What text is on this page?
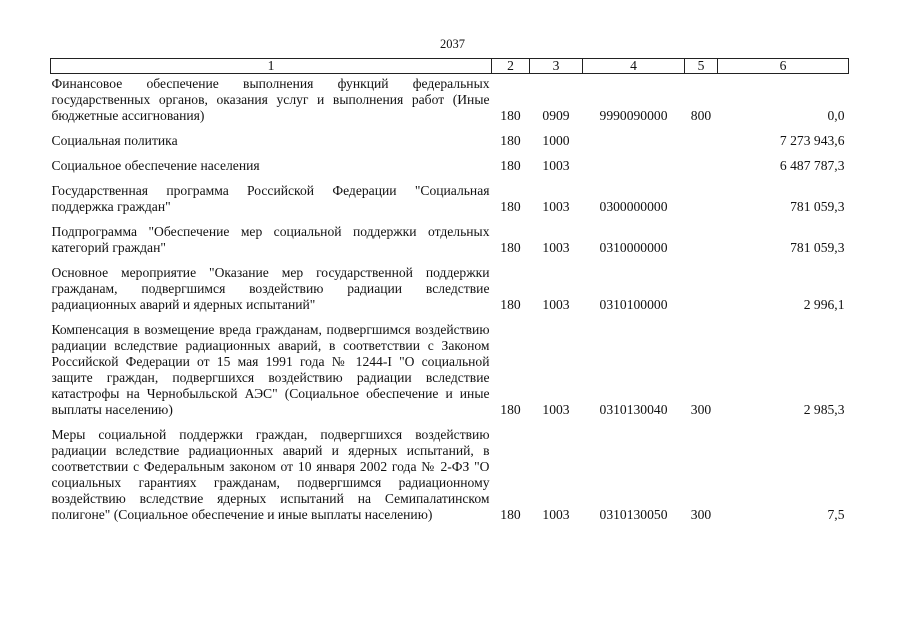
2037
1	2	3	4	5	6
Финансовое обеспечение выполнения функций федеральных государственных органов, оказания услуг и выполнения работ (Иные бюджетные ассигнования)	180	0909	9990090000	800	0,0
Социальная политика	180	1000			7 273 943,6
Социальное обеспечение населения	180	1003			6 487 787,3
Государственная программа Российской Федерации "Социальная поддержка граждан"	180	1003	0300000000		781 059,3
Подпрограмма "Обеспечение мер социальной поддержки отдельных категорий граждан"	180	1003	0310000000		781 059,3
Основное мероприятие "Оказание мер государственной поддержки гражданам, подвергшимся воздействию радиации вследствие радиационных аварий и ядерных испытаний"	180	1003	0310100000		2 996,1
Компенсация в возмещение вреда гражданам, подвергшимся воздействию радиации вследствие радиационных аварий, в соответствии с Законом Российской Федерации от 15 мая 1991 года № 1244-I "О социальной защите граждан, подвергшихся воздействию радиации вследствие катастрофы на Чернобыльской АЭС" (Социальное обеспечение и иные выплаты населению)	180	1003	0310130040	300	2 985,3
Меры социальной поддержки граждан, подвергшихся воздействию радиации вследствие радиационных аварий и ядерных испытаний, в соответствии с Федеральным законом от 10 января 2002 года № 2-ФЗ "О социальных гарантиях гражданам, подвергшимся радиационному воздействию вследствие ядерных испытаний на Семипалатинском полигоне" (Социальное обеспечение и иные выплаты населению)	180	1003	0310130050	300	7,5
